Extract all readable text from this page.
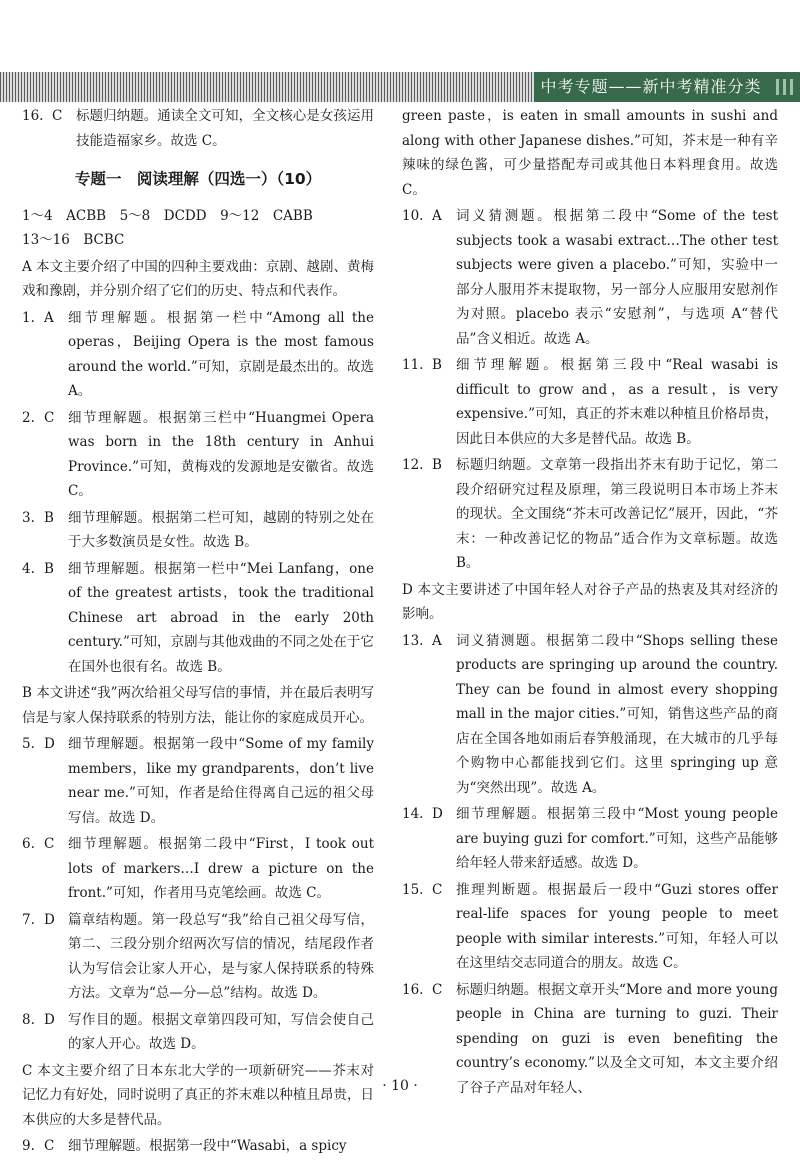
中考专题——新中考精准分类
16. C	标题归纳题。通读全文可知，全文核心是女孩运用技能造福家乡。故选 C。
专题一　阅读理解（四选一）（10）

1～4　ACBB　5～8　DCDD　9～12　CABB

13～16　BCBC

A 本文主要介绍了中国的四种主要戏曲：京剧、越剧、黄梅戏和豫剧，并分别介绍了它们的历史、特点和代表作。

1. A	细节理解题。根据第一栏中“Among all the operas，Beijing Opera is the most famous around the world.”可知，京剧是最杰出的。故选 A。
2. C	细节理解题。根据第三栏中“Huangmei Opera was born in the 18th century in Anhui Province.”可知，黄梅戏的发源地是安徽省。故选 C。
3. B	细节理解题。根据第二栏可知，越剧的特别之处在于大多数演员是女性。故选 B。
4. B	细节理解题。根据第一栏中“Mei Lanfang，one of the greatest artists，took the traditional Chinese art abroad in the early 20th century.”可知，京剧与其他戏曲的不同之处在于它在国外也很有名。故选 B。

B 本文讲述“我”两次给祖父母写信的事情，并在最后表明写信是与家人保持联系的特别方法，能让你的家庭成员开心。

5. D 细节理解题。根据第一段中“Some of my family members，like my grandparents，don’t live near me.”可知，作者是给住得离自己远的祖父母写信。故选 D。
6. C	细节理解题。根据第二段中“First，I took out lots of markers…I drew a picture on the front.”可知，作者用马克笔绘画。故选 C。
7. D 篇章结构题。第一段总写“我”给自己祖父母写信，第二、三段分别介绍两次写信的情况，结尾段作者认为写信会让家人开心，是与家人保持联系的特殊方法。文章为“总—分—总”结构。故选 D。
8. D 写作目的题。根据文章第四段可知，写信会使自己的家人开心。故选 D。

C 本文主要介绍了日本东北大学的一项新研究——芥末对记忆力有好处，同时说明了真正的芥末难以种植且昂贵，日本供应的大多是替代品。

9. C	细节理解题。根据第一段中“Wasabi，a spicy

green paste，is eaten in small amounts in sushi and along with other Japanese dishes.”可知，芥末是一种有辛辣味的绿色酱，可少量搭配寿司或其他日本料理食用。故选 C。

10. A	词义猜测题。根据第二段中“Some of the test subjects took a wasabi extract…The other test subjects were given a placebo.”可知，实验中一部分人服用芥末提取物，另一部分人应服用安慰剂作为对照。placebo 表示“安慰剂”，与选项 A“替代品”含义相近。故选 A。
11. B	细节理解题。根据第三段中“Real wasabi is difficult to grow and，as a result，is very expensive.”可知，真正的芥末难以种植且价格昂贵，因此日本供应的大多是替代品。故选 B。
12. B	标题归纳题。文章第一段指出芥末有助于记忆，第二段介绍研究过程及原理，第三段说明日本市场上芥末的现状。全文围绕“芥末可改善记忆”展开，因此，“芥末：一种改善记忆的物品”适合作为文章标题。故选 B。

D 本文主要讲述了中国年轻人对谷子产品的热衷及其对经济的影响。

13. A	词义猜测题。根据第二段中“Shops selling these products are springing up around the country. They can be found in almost every shopping mall in the major cities.”可知，销售这些产品的商店在全国各地如雨后春笋般涌现，在大城市的几乎每个购物中心都能找到它们。这里 springing up 意为“突然出现”。故选 A。
14. D 细节理解题。根据第三段中“Most young people are buying guzi for comfort.”可知，这些产品能够给年轻人带来舒适感。故选 D。
15. C	推理判断题。根据最后一段中“Guzi stores offer real-life spaces for young people to meet people with similar interests.”可知，年轻人可以在这里结交志同道合的朋友。故选 C。
16. C	标题归纳题。根据文章开头“More and more young people in China are turning to guzi. Their spending on guzi is even benefiting the country’s economy.”以及全文可知，本文主要介绍了谷子产品对年轻人、
· 10 ·
